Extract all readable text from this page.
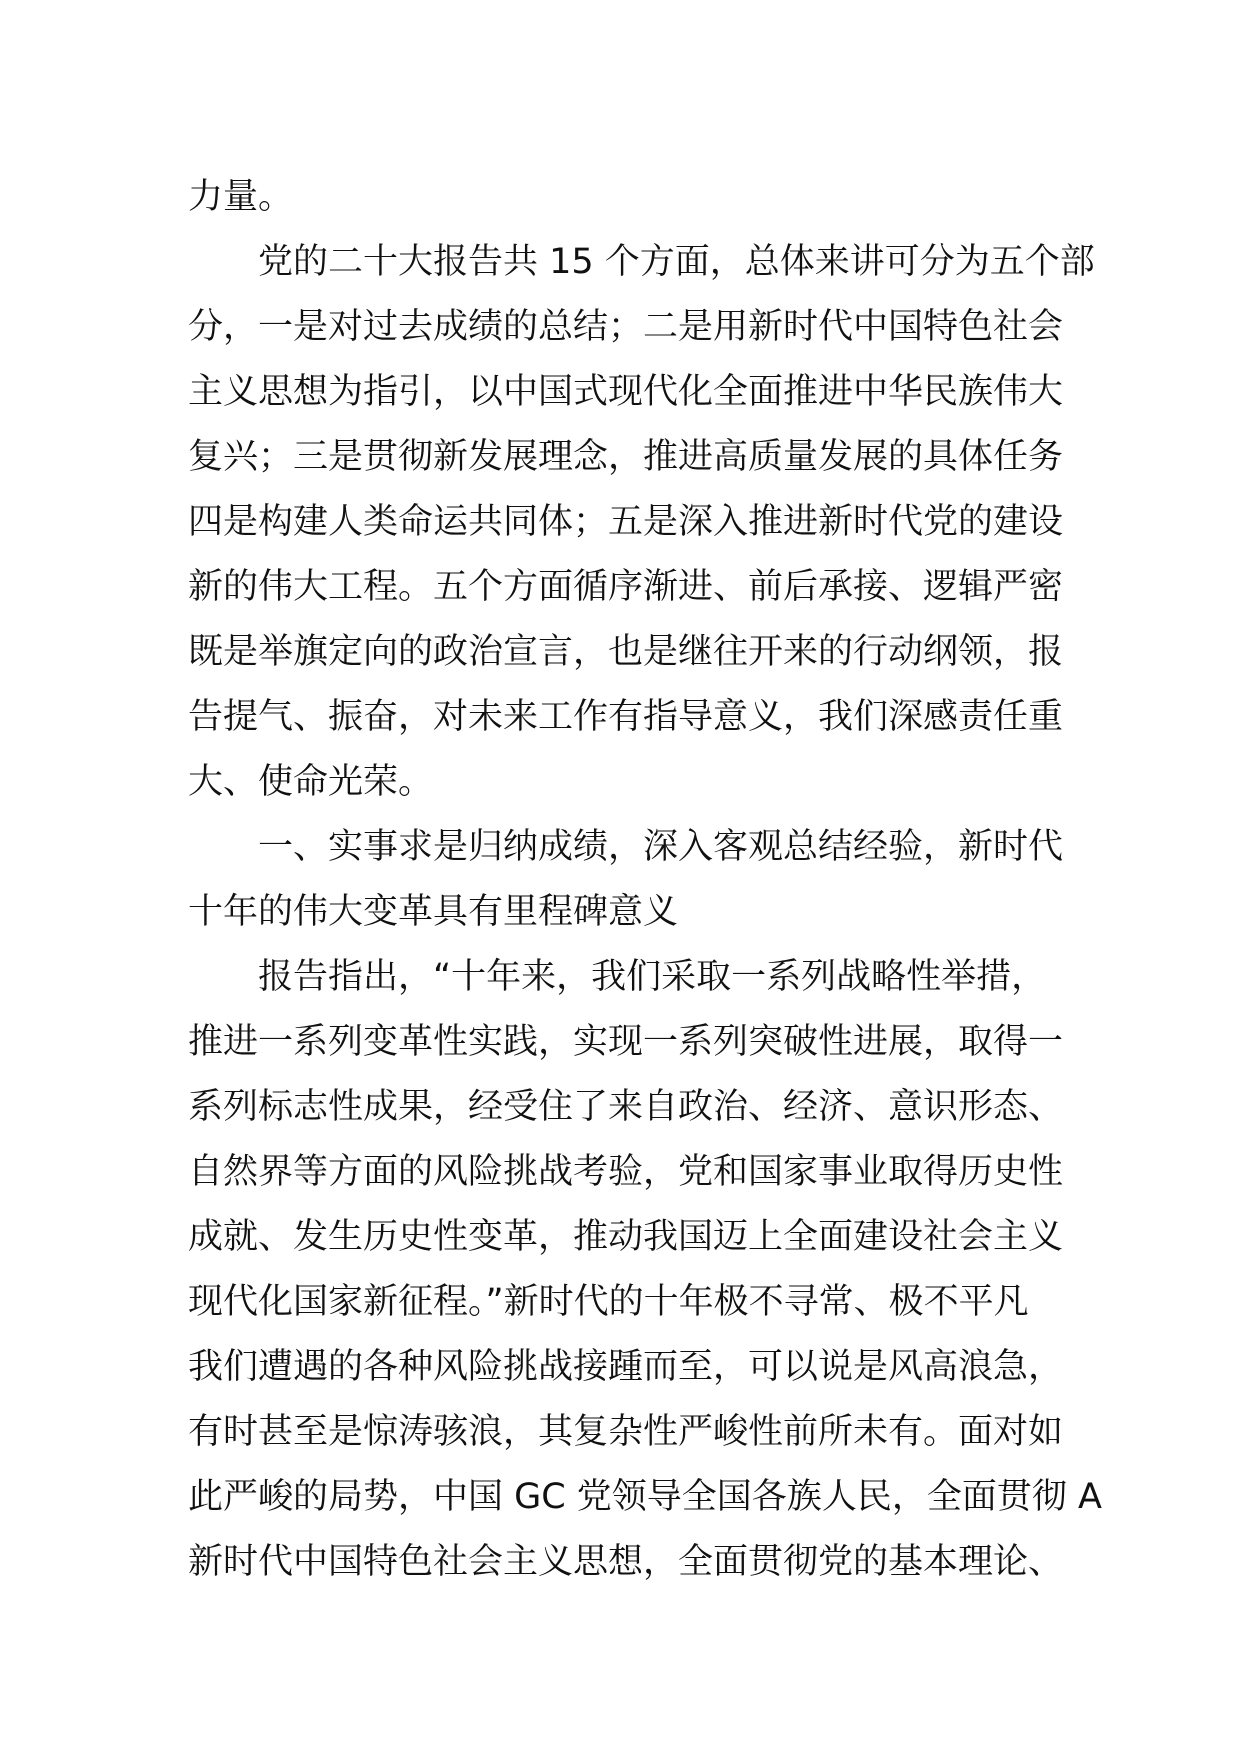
力量。
党的二十大报告共 15 个方面，总体来讲可分为五个部
分，一是对过去成绩的总结；二是用新时代中国特色社会
主义思想为指引，以中国式现代化全面推进中华民族伟大
复兴；三是贯彻新发展理念，推进高质量发展的具体任务
四是构建人类命运共同体；五是深入推进新时代党的建设
新的伟大工程。五个方面循序渐进、前后承接、逻辑严密
既是举旗定向的政治宣言，也是继往开来的行动纲领，报
告提气、振奋，对未来工作有指导意义，我们深感责任重
大、使命光荣。
一、实事求是归纳成绩，深入客观总结经验，新时代
十年的伟大变革具有里程碑意义
报告指出，“十年来，我们采取一系列战略性举措，
推进一系列变革性实践，实现一系列突破性进展，取得一
系列标志性成果，经受住了来自政治、经济、意识形态、
自然界等方面的风险挑战考验，党和国家事业取得历史性
成就、发生历史性变革，推动我国迈上全面建设社会主义
现代化国家新征程。”新时代的十年极不寻常、极不平凡
我们遭遇的各种风险挑战接踵而至，可以说是风高浪急，
有时甚至是惊涛骇浪，其复杂性严峻性前所未有。面对如
此严峻的局势，中国 GC 党领导全国各族人民，全面贯彻 A
新时代中国特色社会主义思想，全面贯彻党的基本理论、
